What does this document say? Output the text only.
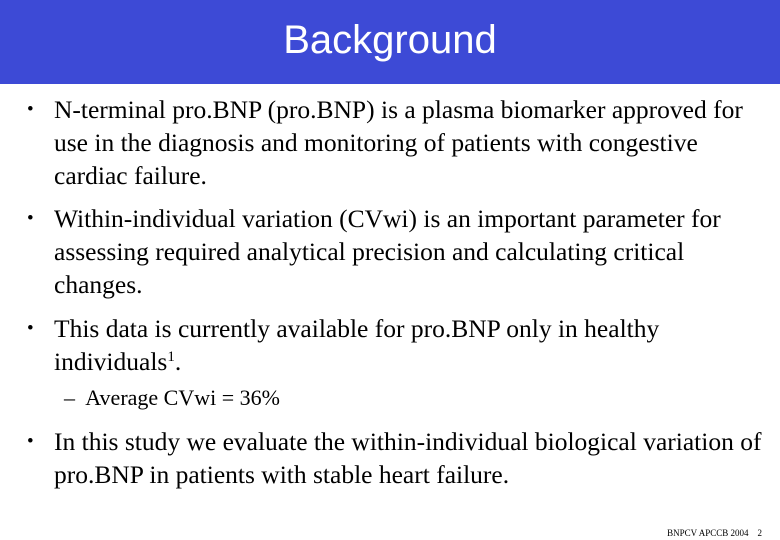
Background
• N-terminal pro.BNP (pro.BNP) is a plasma biomarker approved for use in the diagnosis and monitoring of patients with congestive cardiac failure.
• Within-individual variation (CVwi) is an important parameter for assessing required analytical precision and calculating critical changes.
• This data is currently available for pro.BNP only in healthy individuals$^1$.
– Average CVwi = 36%
• In this study we evaluate the within-individual biological variation of pro.BNP in patients with stable heart failure.
BNPCV APCCB 2004 2
